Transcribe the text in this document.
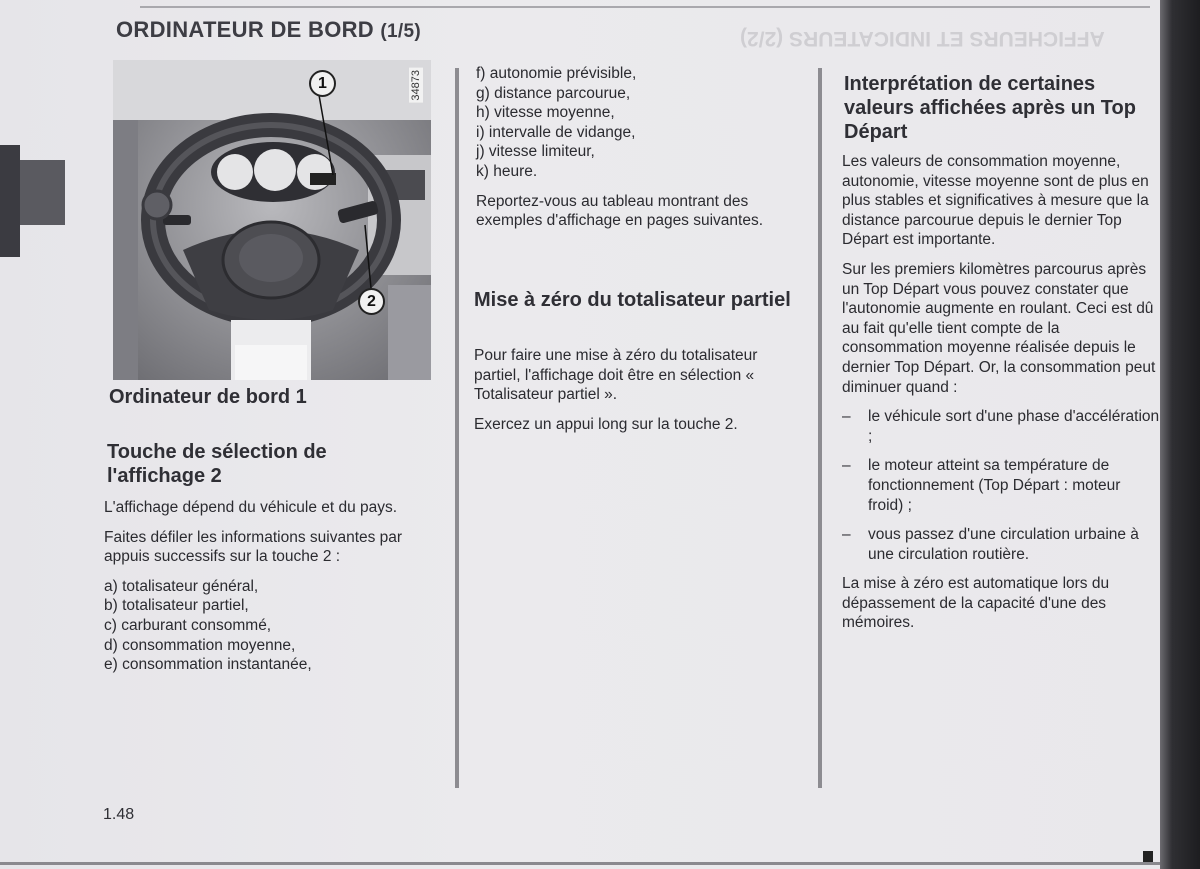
AFFICHEURS ET INDICATEURS (2/2)
ORDINATEUR DE BORD (1/5)
34873
1
2
Ordinateur de bord 1
Touche de sélection de l'affichage 2

L'affichage dépend du véhicule et du pays.

Faites défiler les informations suivantes par appuis successifs sur la touche 2 :

a) totalisateur général,
b) totalisateur partiel,
c) carburant consommé,
d) consommation moyenne,
e) consommation instantanée,
1.48
f) autonomie prévisible,
g) distance parcourue,
h) vitesse moyenne,
i) intervalle de vidange,
j) vitesse limiteur,
k) heure.

Reportez-vous au tableau montrant des exemples d'affichage en pages suivantes.

Mise à zéro du totalisateur partiel

Pour faire une mise à zéro du totalisateur partiel, l'affichage doit être en sélection « Totalisateur partiel ».

Exercez un appui long sur la touche 2.

Interprétation de certaines valeurs affichées après un Top Départ

Les valeurs de consommation moyenne, autonomie, vitesse moyenne sont de plus en plus stables et significatives à mesure que la distance parcourue depuis le dernier Top Départ est importante.

Sur les premiers kilomètres parcourus après un Top Départ vous pouvez constater que l'autonomie augmente en roulant. Ceci est dû au fait qu'elle tient compte de la consommation moyenne réalisée depuis le dernier Top Départ. Or, la consommation peut diminuer quand :

–	le véhicule sort d'une phase d'accélération ;
–	le moteur atteint sa température de fonctionnement (Top Départ : moteur froid) ;
–	vous passez d'une circulation urbaine à une circulation routière.

La mise à zéro est automatique lors du dépassement de la capacité d'une des mémoires.
